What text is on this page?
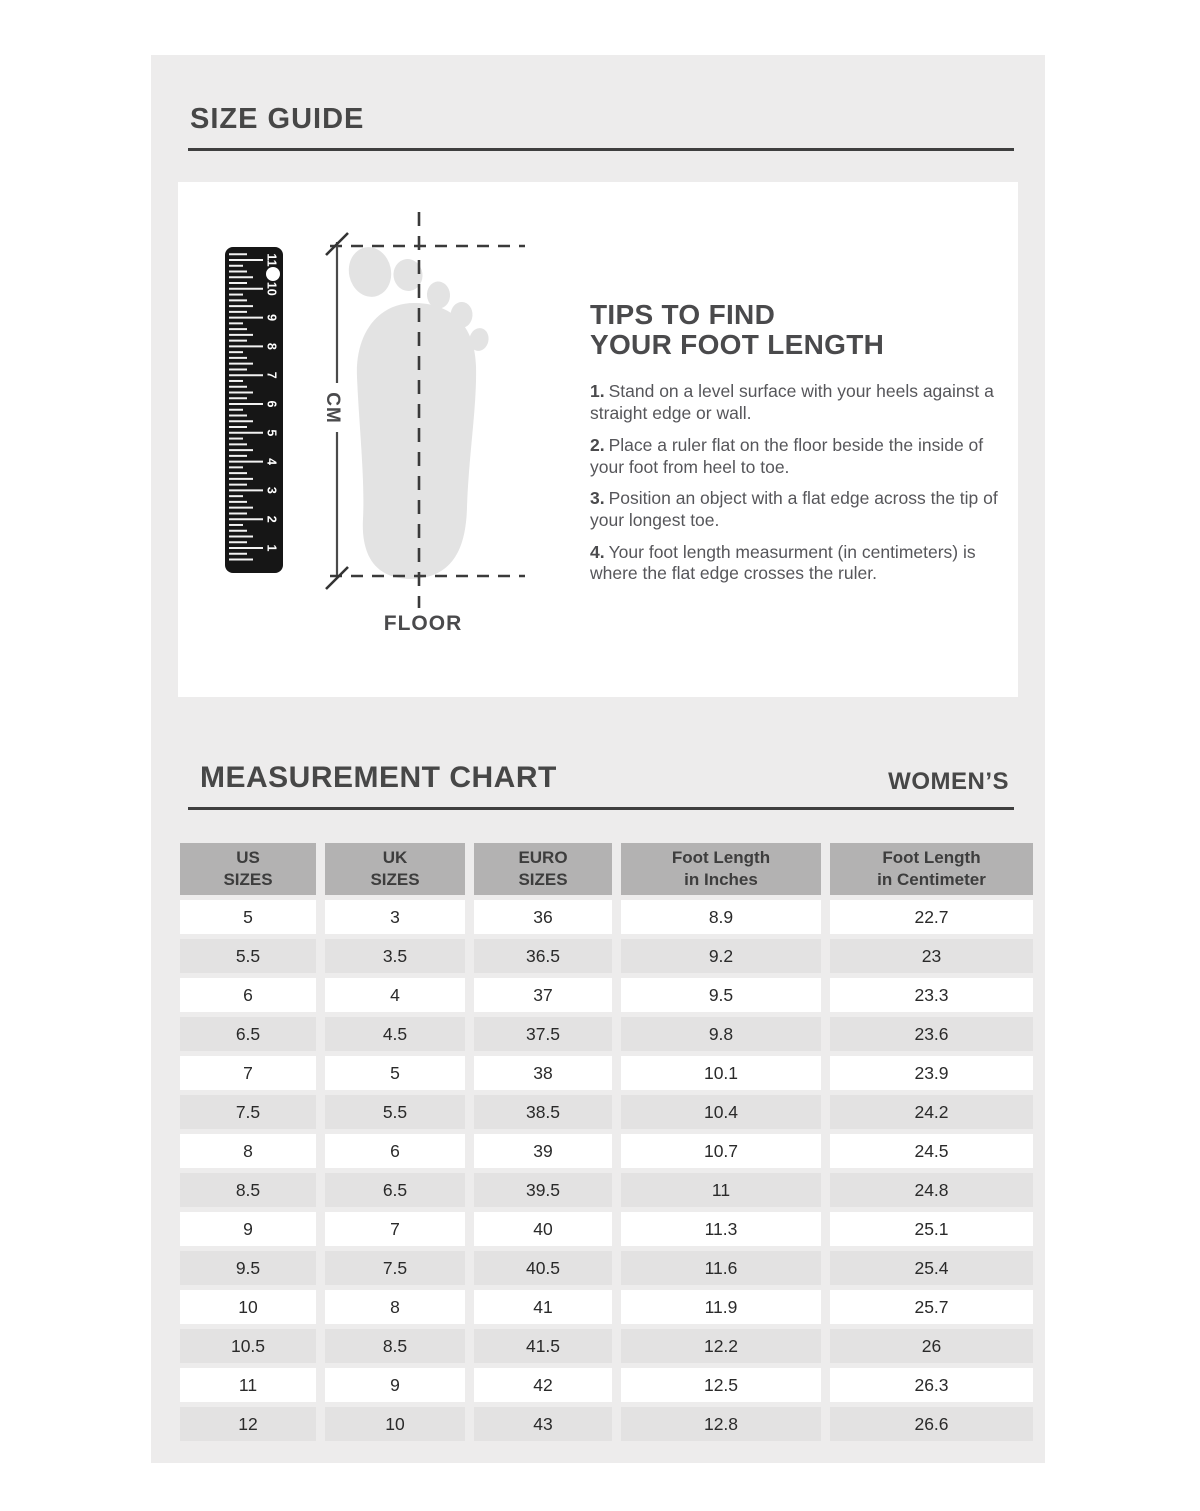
SIZE GUIDE
1
2
3
4
5
6
7
8
9
10
11
CM
FLOOR
TIPS TO FIND
YOUR FOOT LENGTH
1. Stand on a level surface with your heels against a straight edge or wall.
2. Place a ruler flat on the floor beside the inside of your foot from heel to toe.
3. Position an object with a flat edge across the tip of your longest toe.
4. Your foot length measurment (in centimeters) is where the flat edge crosses the ruler.
MEASUREMENT CHART	WOMEN’S
US
SIZES
UK
SIZES
EURO
SIZES
Foot Length
in Inches
Foot Length
in Centimeter
5	3	36	8.9	22.7
5.5	3.5	36.5	9.2	23
6	4	37	9.5	23.3
6.5	4.5	37.5	9.8	23.6
7	5	38	10.1	23.9
7.5	5.5	38.5	10.4	24.2
8	6	39	10.7	24.5
8.5	6.5	39.5	11	24.8
9	7	40	11.3	25.1
9.5	7.5	40.5	11.6	25.4
10	8	41	11.9	25.7
10.5	8.5	41.5	12.2	26
11	9	42	12.5	26.3
12	10	43	12.8	26.6
